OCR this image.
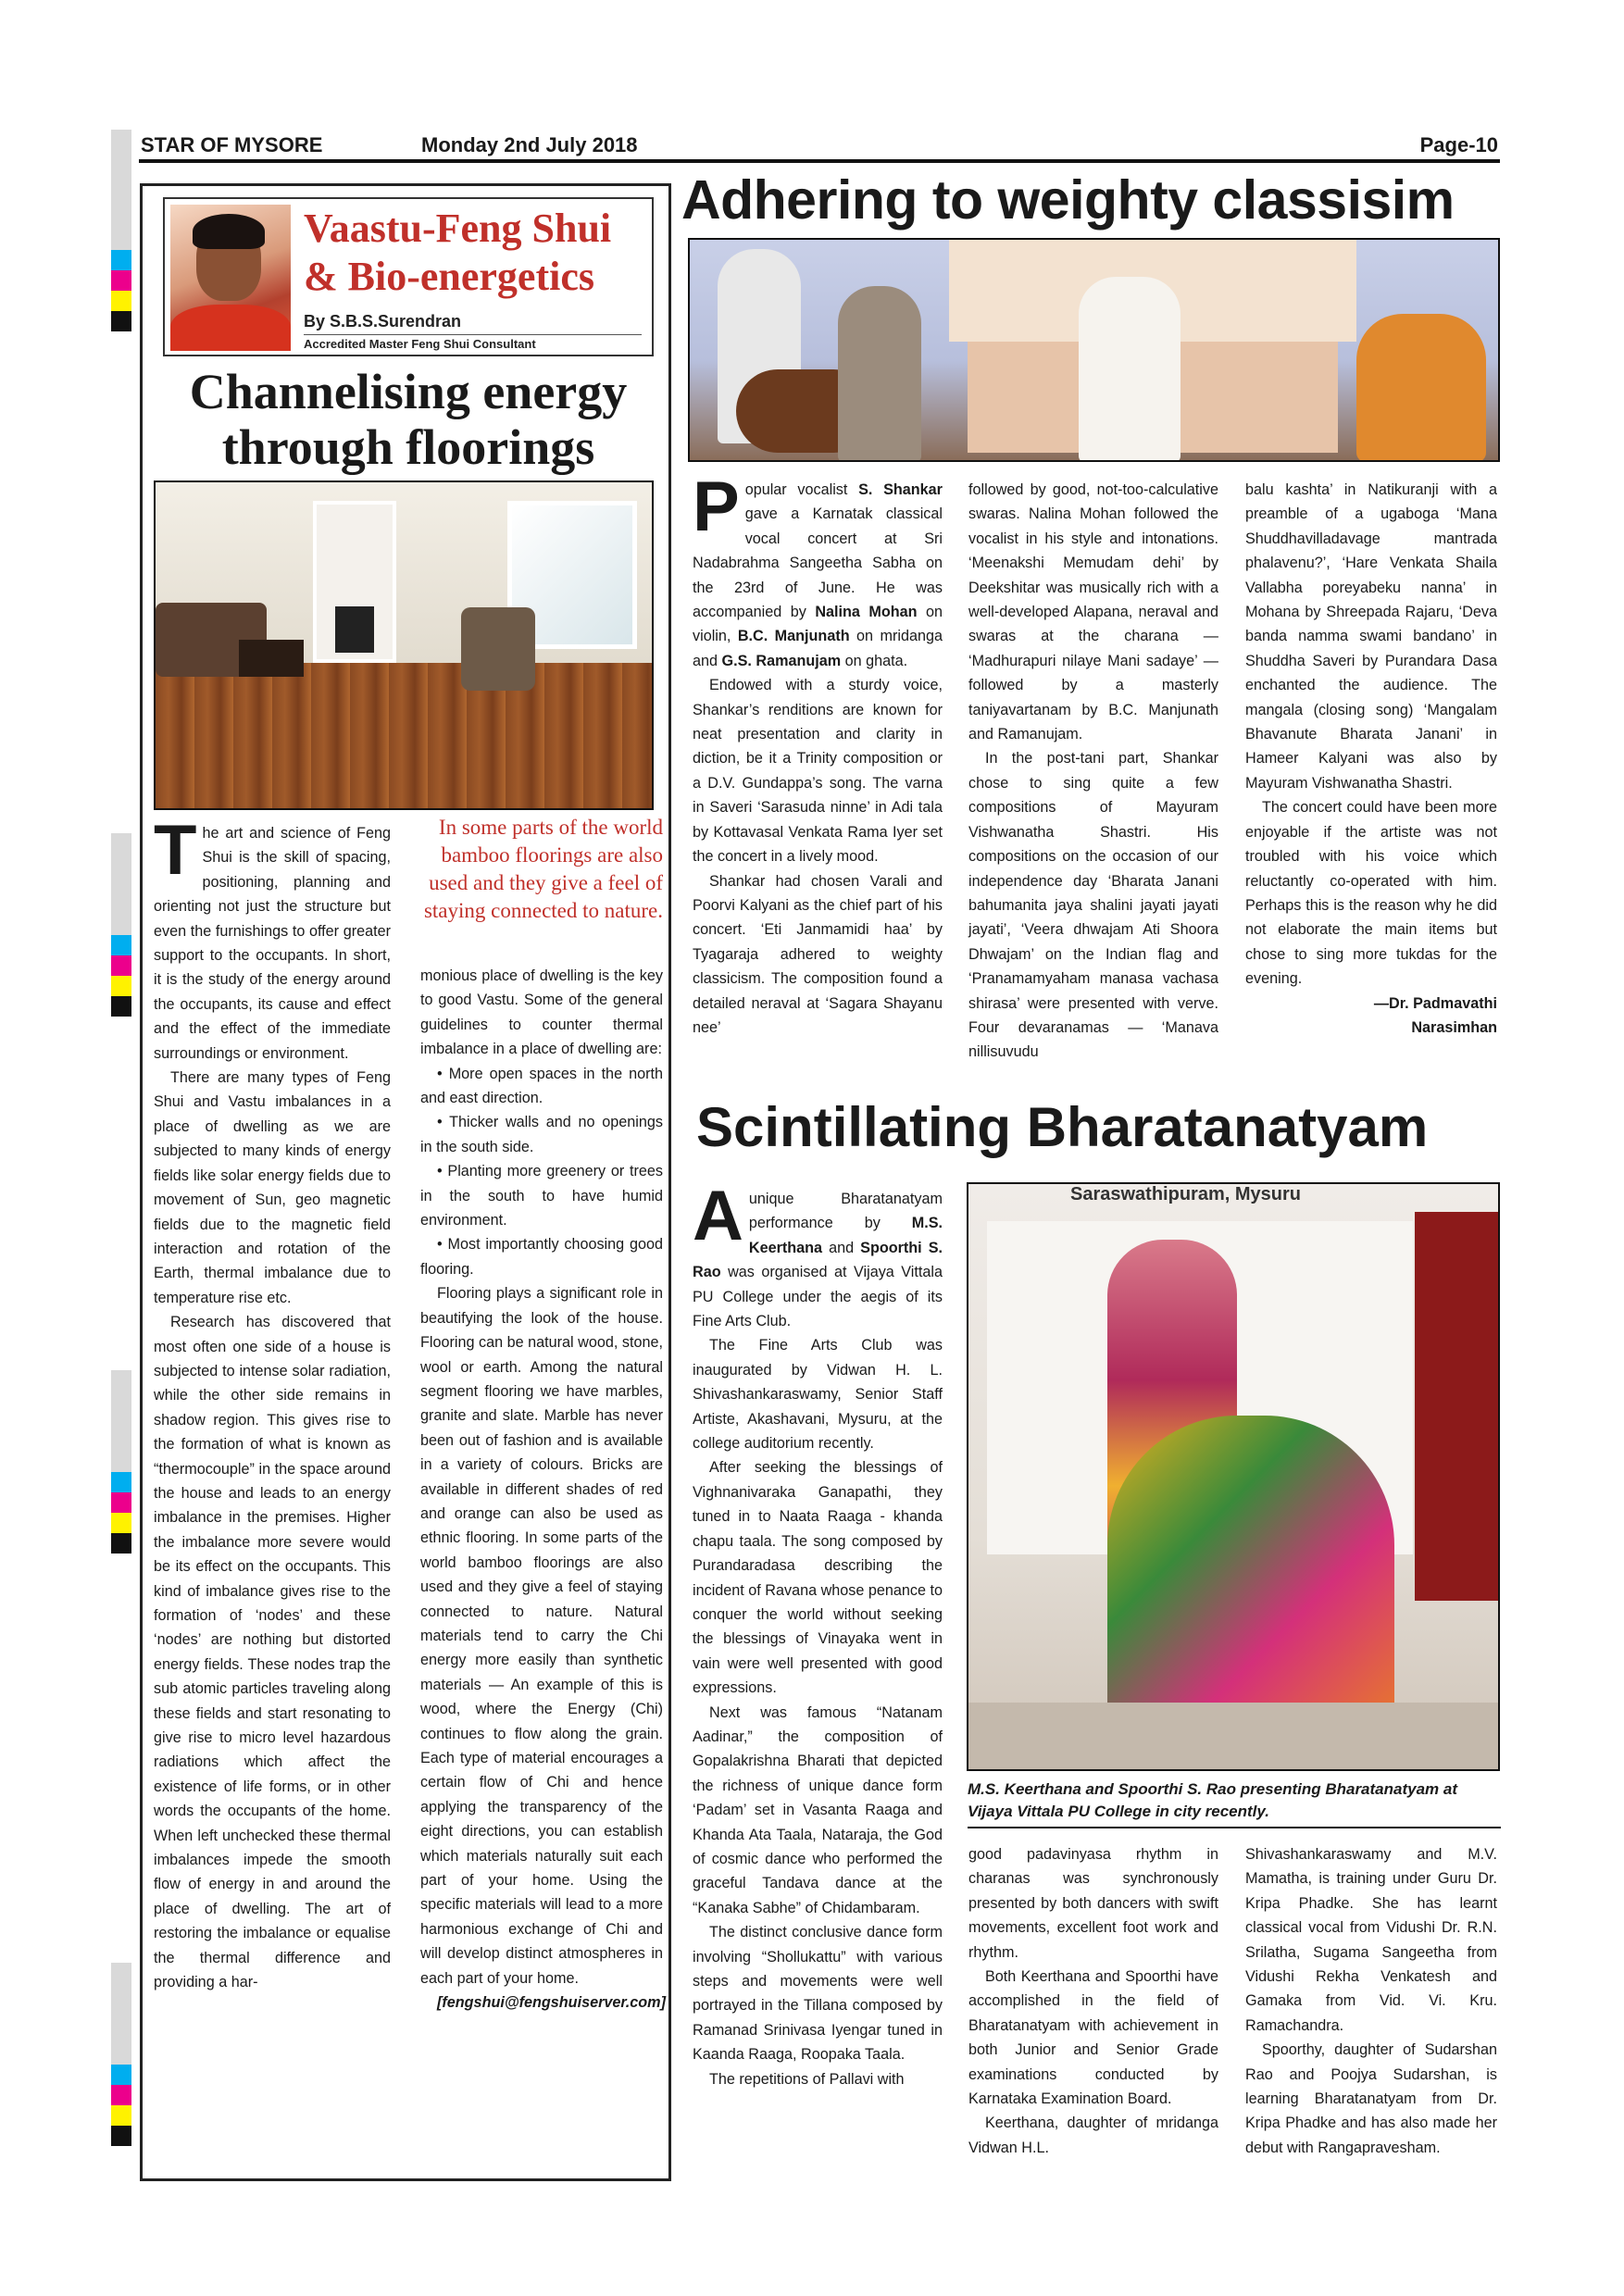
STAR OF MYSORE	Monday 2nd July 2018	Page-10
Vaastu-Feng Shui
& Bio-energetics
By S.B.S.Surendran
Accredited Master Feng Shui Consultant
Channelising energy through floorings

The art and science of Feng Shui is the skill of spacing, positioning, planning and orienting not just the structure but even the furnishings to offer greater support to the occupants. In short, it is the study of the energy around the occupants, its cause and effect and the effect of the immediate surroundings or environment.

There are many types of Feng Shui and Vastu imbalances in a place of dwelling as we are subjected to many kinds of energy fields like solar energy fields due to movement of Sun, geo magnetic fields due to the magnetic field interaction and rotation of the Earth, thermal imbalance due to temperature rise etc.

Research has discovered that most often one side of a house is subjected to intense solar radiation, while the other side remains in shadow region. This gives rise to the formation of what is known as “thermocouple” in the space around the house and leads to an energy imbalance in the premises. Higher the imbalance more severe would be its effect on the occupants. This kind of imbalance gives rise to the formation of ‘nodes’ and these ‘nodes’ are nothing but distorted energy fields. These nodes trap the sub atomic particles traveling along these fields and start resonating to give rise to micro level hazardous radiations which affect the existence of life forms, or in other words the occupants of the home. When left unchecked these thermal imbalances impede the smooth flow of energy in and around the place of dwelling. The art of restoring the imbalance or equalise the thermal difference and providing a har-

In some parts of the world bamboo floorings are also used and they give a feel of staying connected to nature.

monious place of dwelling is the key to good Vastu. Some of the general guidelines to counter thermal imbalance in a place of dwelling are:

• More open spaces in the north and east direction.

• Thicker walls and no openings in the south side.

• Planting more greenery or trees in the south to have humid environment.

• Most importantly choosing good flooring.

Flooring plays a significant role in beautifying the look of the house. Flooring can be natural wood, stone, wool or earth. Among the natural segment flooring we have marbles, granite and slate. Marble has never been out of fashion and is available in a variety of colours. Bricks are available in different shades of red and orange can also be used as ethnic flooring. In some parts of the world bamboo floorings are also used and they give a feel of staying connected to nature. Natural materials tend to carry the Chi energy more easily than synthetic materials — An example of this is wood, where the Energy (Chi) continues to flow along the grain. Each type of material encourages a certain flow of Chi and hence applying the transparency of the eight directions, you can establish which materials naturally suit each part of your home. Using the specific materials will lead to a more harmonious exchange of Chi and will develop distinct atmospheres in each part of your home.

[fengshui@fengshuiserver.com]

Adhering to weighty classisim

Popular vocalist S. Shankar gave a Karnatak classical vocal concert at Sri Nadabrahma Sangeetha Sabha on the 23rd of June. He was accompanied by Nalina Mohan on violin, B.C. Manjunath on mridanga and G.S. Ramanujam on ghata.

Endowed with a sturdy voice, Shankar’s renditions are known for neat presentation and clarity in diction, be it a Trinity composition or a D.V. Gundappa’s song. The varna in Saveri ‘Sarasuda ninne’ in Adi tala by Kottavasal Venkata Rama Iyer set the concert in a lively mood.

Shankar had chosen Varali and Poorvi Kalyani as the chief part of his concert. ‘Eti Janmamidi haa’ by Tyagaraja adhered to weighty classicism. The composition found a detailed neraval at ‘Sagara Shayanu nee’

followed by good, not-too-calculative swaras. Nalina Mohan followed the vocalist in his style and intonations. ‘Meenakshi Memudam dehi’ by Deekshitar was musically rich with a well-developed Alapana, neraval and swaras at the charana — ‘Madhurapuri nilaye Mani sadaye’ — followed by a masterly taniyavartanam by B.C. Manjunath and Ramanujam.

In the post-tani part, Shankar chose to sing quite a few compositions of Mayuram Vishwanatha Shastri. His compositions on the occasion of our independence day ‘Bharata Janani bahumanita jaya shalini jayati jayati jayati’, ‘Veera dhwajam Ati Shoora Dhwajam’ on the Indian flag and ‘Pranamamyaham manasa vachasa shirasa’ were presented with verve. Four devaranamas — ‘Manava nillisuvudu

balu kashta’ in Natikuranji with a preamble of a ugaboga ‘Mana Shuddhavilladavage mantrada phalavenu?’, ‘Hare Venkata Shaila Vallabha poreyabeku nanna’ in Mohana by Shreepada Rajaru, ‘Deva banda namma swami bandano’ in Shuddha Saveri by Purandara Dasa enchanted the audience. The mangala (closing song) ‘Mangalam Bhavanute Bharata Janani’ in Hameer Kalyani was also by Mayuram Vishwanatha Shastri.

The concert could have been more enjoyable if the artiste was not troubled with his voice which reluctantly co-operated with him. Perhaps this is the reason why he did not elaborate the main items but chose to sing more tukdas for the evening.

—Dr. Padmavathi

Narasimhan

Scintillating Bharatanatyam

A unique Bharatanatyam performance by M.S. Keerthana and Spoorthi S. Rao was organised at Vijaya Vittala PU College under the aegis of its Fine Arts Club.

The Fine Arts Club was inaugurated by Vidwan H. L. Shivashankaraswamy, Senior Staff Artiste, Akashavani, Mysuru, at the college auditorium recently.

After seeking the blessings of Vighnanivaraka Ganapathi, they tuned in to Naata Raaga - khanda chapu taala. The song composed by Purandaradasa describing the incident of Ravana whose penance to conquer the world without seeking the blessings of Vinayaka went in vain were well presented with good expressions.

Next was famous “Natanam Aadinar,” the composition of Gopalakrishna Bharati that depicted the richness of unique dance form ‘Padam’ set in Vasanta Raaga and Khanda Ata Taala, Nataraja, the God of cosmic dance who performed the graceful Tandava dance at the “Kanaka Sabhe” of Chidambaram.

The distinct conclusive dance form involving “Shollukattu” with various steps and movements were well portrayed in the Tillana composed by Ramanad Srinivasa Iyengar tuned in Kaanda Raaga, Roopaka Taala.

The repetitions of Pallavi with

Saraswathipuram, Mysuru
M.S. Keerthana and Spoorthi S. Rao presenting Bharatanatyam at Vijaya Vittala PU College in city recently.

good padavinyasa rhythm in charanas was synchronously presented by both dancers with swift movements, excellent foot work and rhythm.

Both Keerthana and Spoorthi have accomplished in the field of Bharatanatyam with achievement in both Junior and Senior Grade examinations conducted by Karnataka Examination Board.

Keerthana, daughter of mridanga Vidwan H.L.

Shivashankaraswamy and M.V. Mamatha, is training under Guru Dr. Kripa Phadke. She has learnt classical vocal from Vidushi Dr. R.N. Srilatha, Sugama Sangeetha from Vidushi Rekha Venkatesh and Gamaka from Vid. Vi. Kru. Ramachandra.

Spoorthy, daughter of Sudarshan Rao and Poojya Sudarshan, is learning Bharatanatyam from Dr. Kripa Phadke and has also made her debut with Rangapravesham.
